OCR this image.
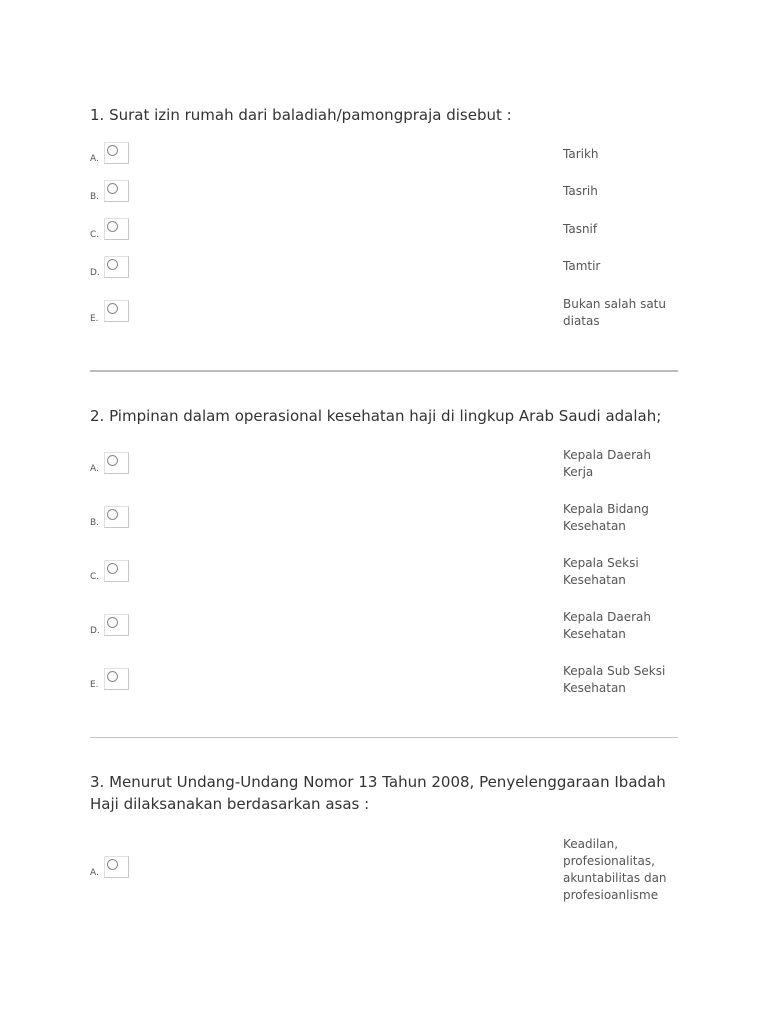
1. Surat izin rumah dari baladiah/pamongpraja disebut :

A.	Tarikh
B.	Tasrih
C.	Tasnif
D.	Tamtir
E.
Bukan salah satu diatas

2. Pimpinan dalam operasional kesehatan haji di lingkup Arab Saudi adalah;

A.
Kepala Daerah Kerja
B.
Kepala Bidang Kesehatan
C.
Kepala Seksi Kesehatan
D.
Kepala Daerah Kesehatan
E.
Kepala Sub Seksi Kesehatan

3. Menurut Undang-Undang Nomor 13 Tahun 2008, Penyelenggaraan Ibadah Haji dilaksanakan berdasarkan asas :

A.
Keadilan, profesionalitas, akuntabilitas dan profesioanlisme
